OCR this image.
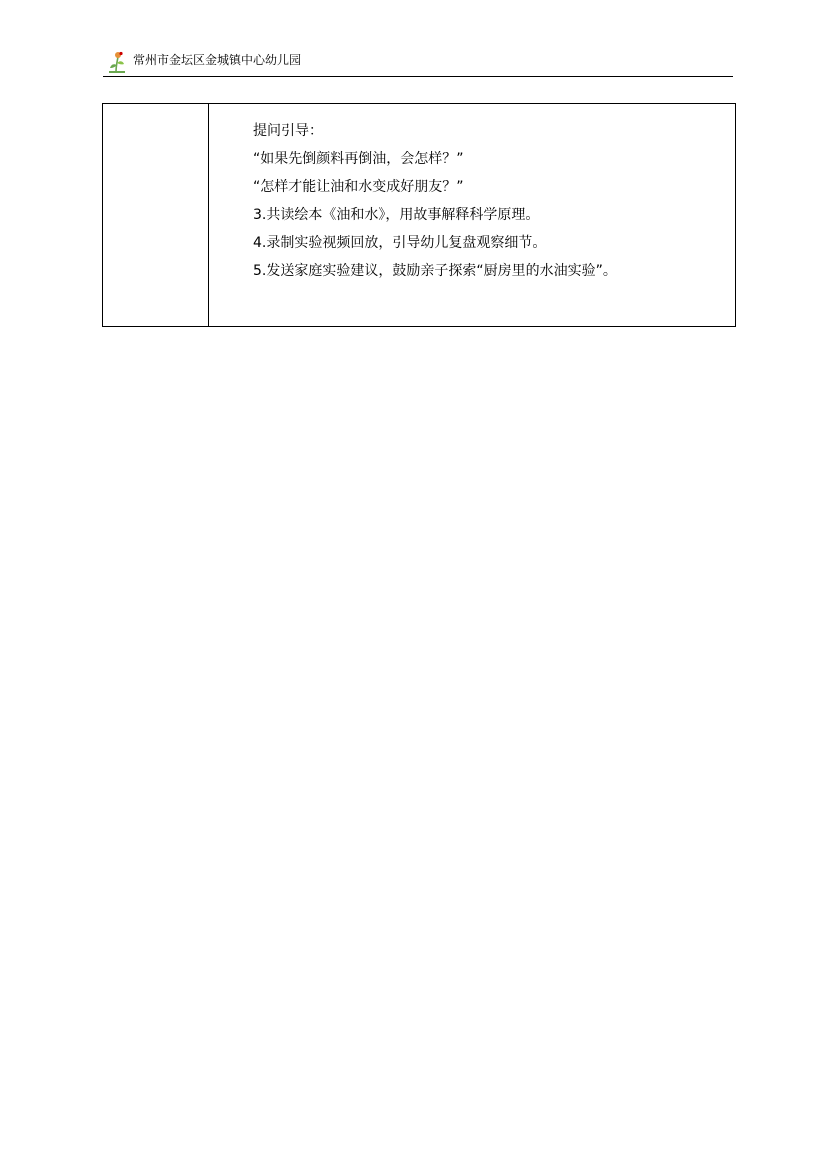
常州市金坛区金城镇中心幼儿园

提问引导：
“如果先倒颜料再倒油，会怎样？”
“怎样才能让油和水变成好朋友？”
3.共读绘本《油和水》，用故事解释科学原理。
4.录制实验视频回放，引导幼儿复盘观察细节。
5.发送家庭实验建议，鼓励亲子探索“厨房里的水油实验”。
